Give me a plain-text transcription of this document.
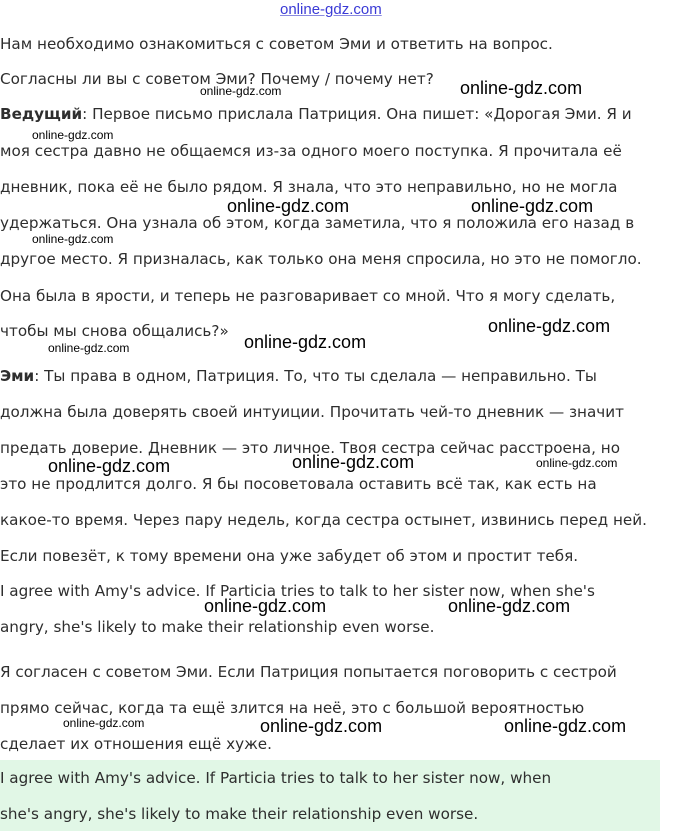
online-gdz.com

Нам необходимо ознакомиться с советом Эми и ответить на вопрос.

Согласны ли вы с советом Эми? Почему / почему нет?

Ведущий: Первое письмо прислала Патриция. Она пишет: «Дорогая Эми. Я и

моя сестра давно не общаемся из-за одного моего поступка. Я прочитала её

дневник, пока её не было рядом. Я знала, что это неправильно, но не могла

удержаться. Она узнала об этом, когда заметила, что я положила его назад в

другое место. Я призналась, как только она меня спросила, но это не помогло.

Она была в ярости, и теперь не разговаривает со мной. Что я могу сделать,

чтобы мы снова общались?»

Эми: Ты права в одном, Патриция. То, что ты сделала — неправильно. Ты

должна была доверять своей интуиции. Прочитать чей-то дневник — значит

предать доверие. Дневник — это личное. Твоя сестра сейчас расстроена, но

это не продлится долго. Я бы посоветовала оставить всё так, как есть на

какое-то время. Через пару недель, когда сестра остынет, извинись перед ней.

Если повезёт, к тому времени она уже забудет об этом и простит тебя.

I agree with Amy's advice. If Particia tries to talk to her sister now, when she's

angry, she's likely to make their relationship even worse.

Я согласен с советом Эми. Если Патриция попытается поговорить с сестрой

прямо сейчас, когда та ещё злится на неё, это с большой вероятностью

сделает их отношения ещё хуже.

I agree with Amy's advice. If Particia tries to talk to her sister now, when

she's angry, she's likely to make their relationship even worse.

online-gdz.com
online-gdz.com
online-gdz.com
online-gdz.com	online-gdz.com
online-gdz.com
online-gdz.com
online-gdz.com
online-gdz.com
online-gdz.com	online-gdz.com	online-gdz.com
online-gdz.com	online-gdz.com
online-gdz.com	online-gdz.com	online-gdz.com
